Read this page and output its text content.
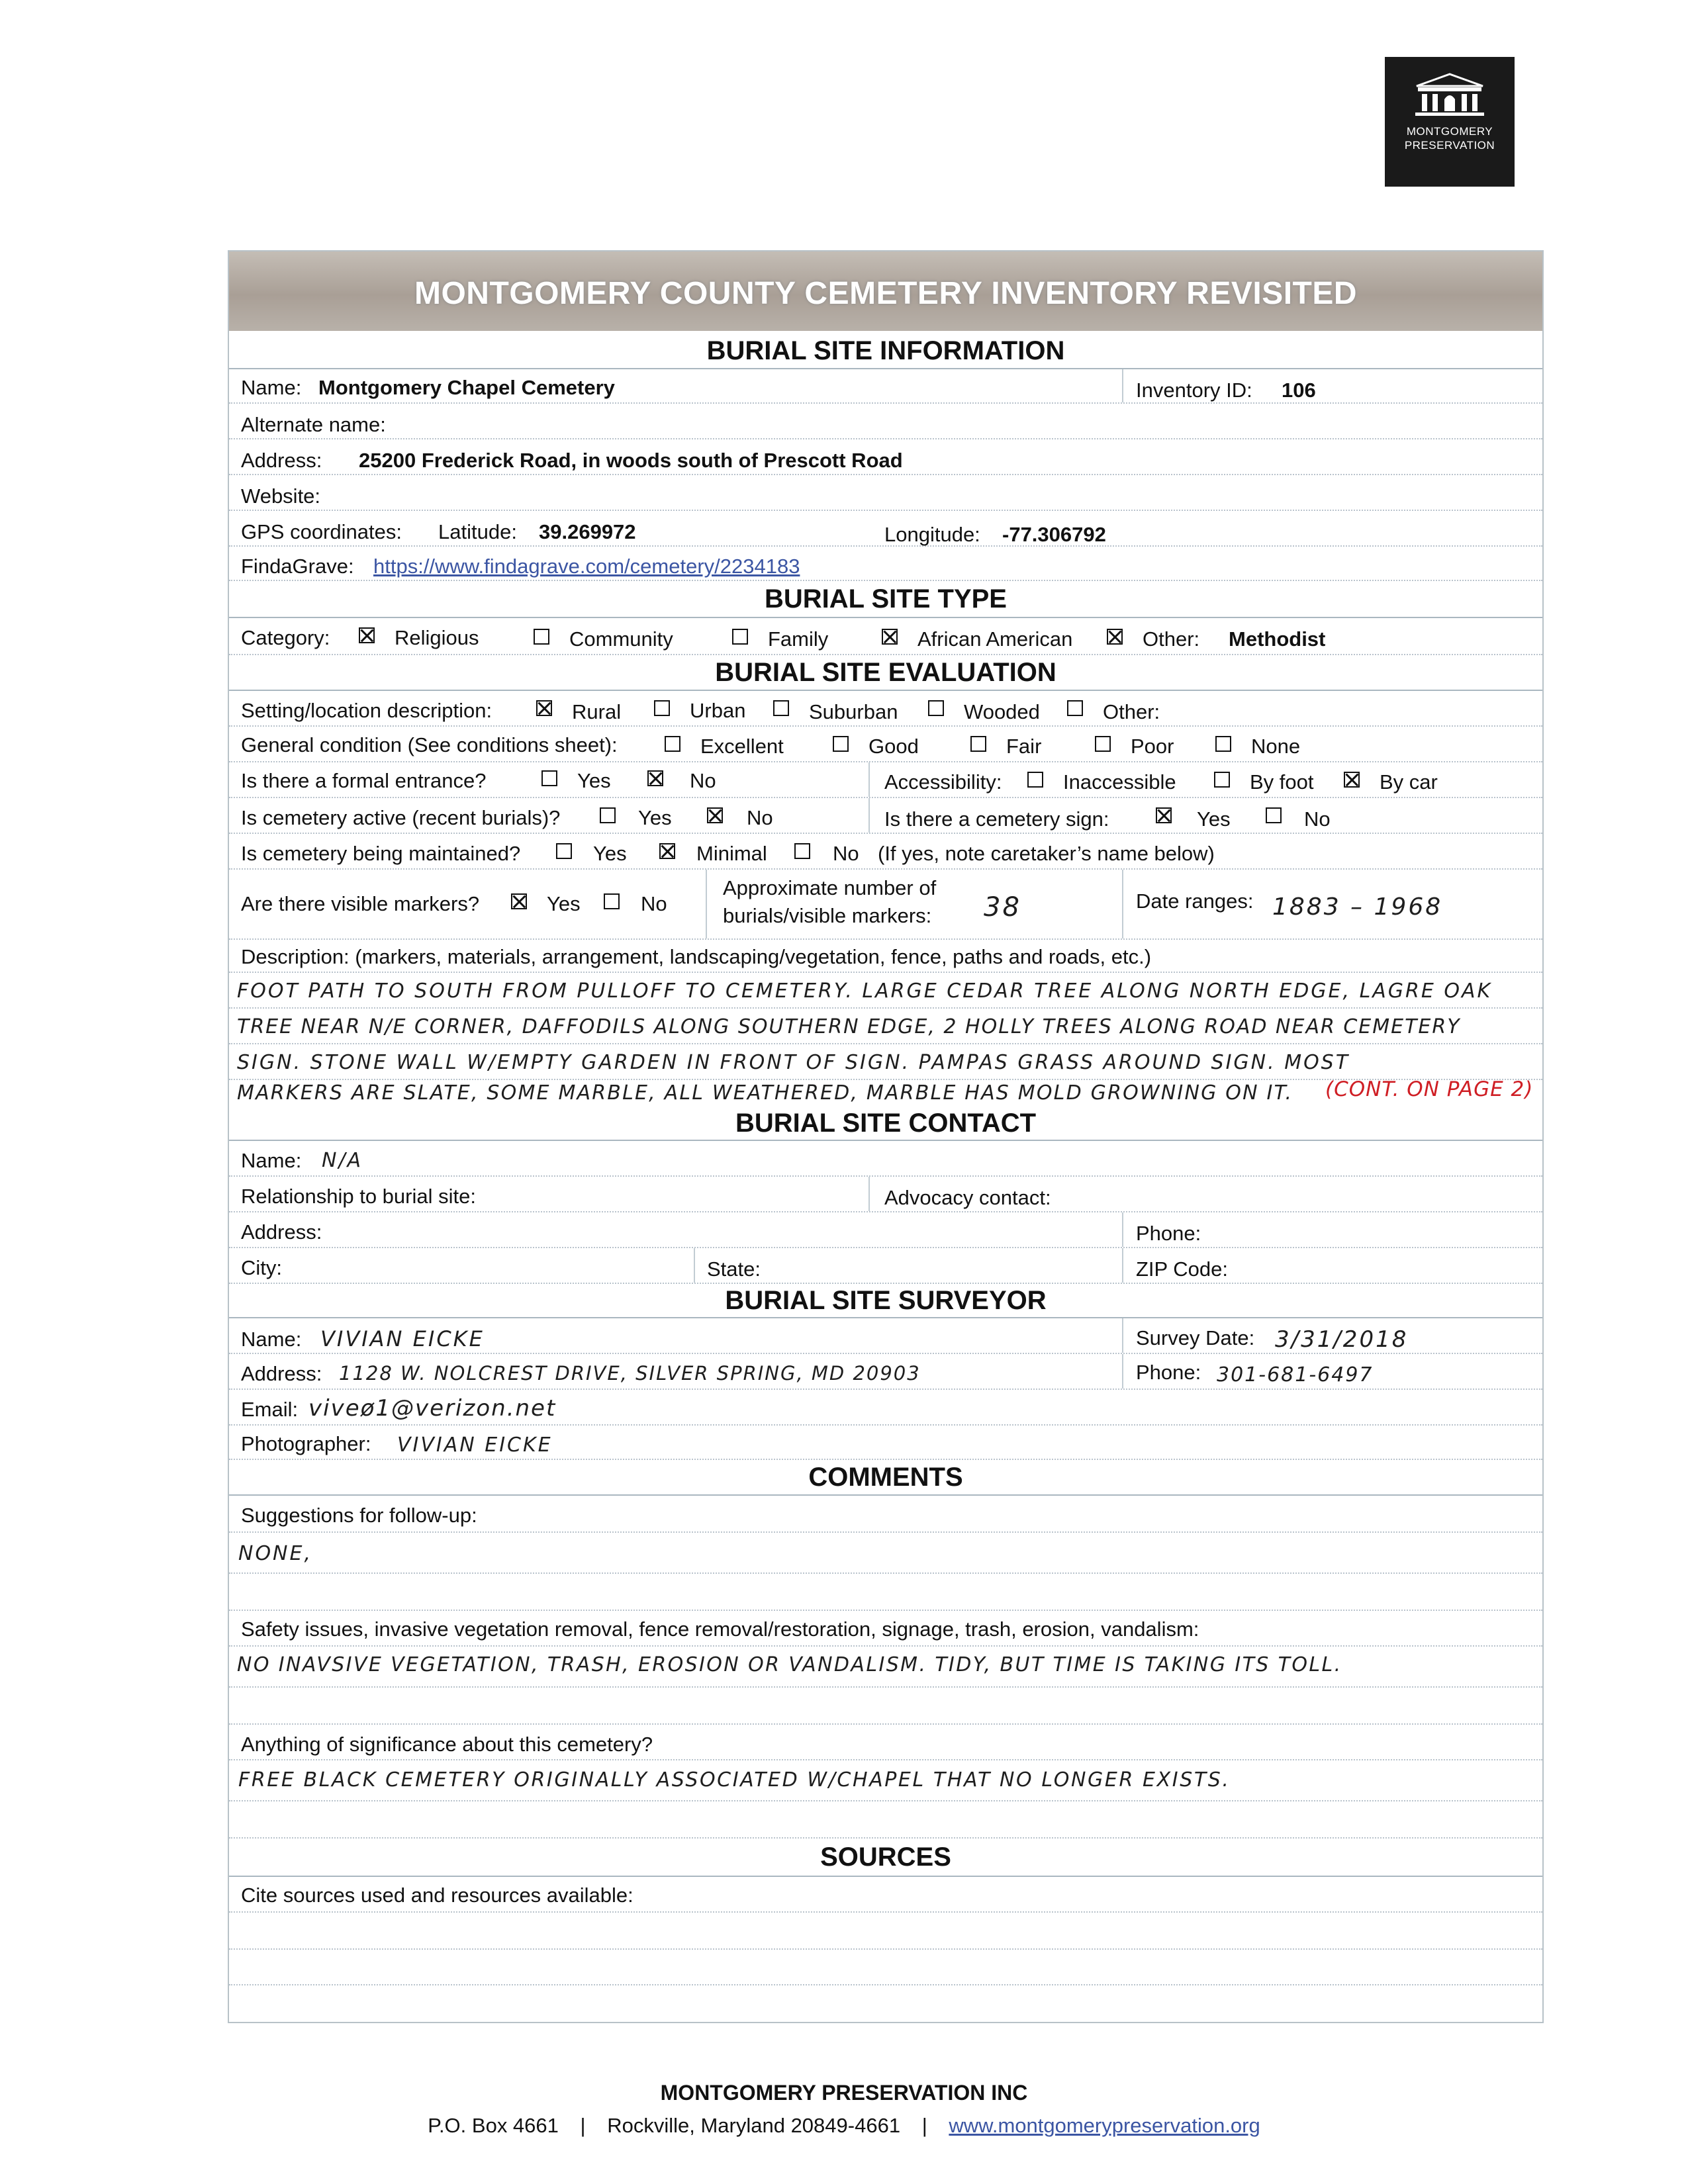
MONTGOMERY
PRESERVATION
MONTGOMERY COUNTY CEMETERY INVENTORY REVISITED
BURIAL SITE INFORMATION
Name: Montgomery Chapel Cemetery	Inventory ID: 106
Alternate name:
Address: 25200 Frederick Road, in woods south of Prescott Road
Website:
GPS coordinates: Latitude: 39.269972	Longitude: -77.306792
FindaGrave: https://www.findagrave.com/cemetery/2234183
BURIAL SITE TYPE
Category:	Religious	Community	Family	African American	Other: Methodist
BURIAL SITE EVALUATION
Setting/location description:	Rural	Urban	Suburban	Wooded	Other:
General condition (See conditions sheet):	Excellent	Good	Fair	Poor	None
Is there a formal entrance?	Yes	No	Accessibility:	Inaccessible	By foot	By car
Is cemetery active (recent burials)?	Yes	No	Is there a cemetery sign:	Yes	No
Is cemetery being maintained?	Yes	Minimal	No (If yes, note caretaker’s name below)
Are there visible markers?	Yes	No
Approximate number of
burials/visible markers: 38	Date ranges: 1883 – 1968
Description: (markers, materials, arrangement, landscaping/vegetation, fence, paths and roads, etc.)
FOOT PATH TO SOUTH FROM PULLOFF TO CEMETERY. LARGE CEDAR TREE ALONG NORTH EDGE, LAGRE OAK
TREE NEAR N/E CORNER, DAFFODILS ALONG SOUTHERN EDGE, 2 HOLLY TREES ALONG ROAD NEAR CEMETERY
SIGN. STONE WALL W/EMPTY GARDEN IN FRONT OF SIGN. PAMPAS GRASS AROUND SIGN. MOST
MARKERS ARE SLATE, SOME MARBLE, ALL WEATHERED, MARBLE HAS MOLD GROWNING ON IT. (CONT. ON PAGE 2)
BURIAL SITE CONTACT
Name: N/A
Relationship to burial site:	Advocacy contact:
Address:	Phone:
City:	State:	ZIP Code:
BURIAL SITE SURVEYOR
Name: VIVIAN EICKE	Survey Date: 3/31/2018
Address: 1128 W. NOLCREST DRIVE, SILVER SPRING, MD 20903	Phone: 301-681-6497
Email: viveø1@verizon.net
Photographer: VIVIAN EICKE
COMMENTS
Suggestions for follow-up:
NONE,
Safety issues, invasive vegetation removal, fence removal/restoration, signage, trash, erosion, vandalism:
NO INAVSIVE VEGETATION, TRASH, EROSION OR VANDALISM. TIDY, BUT TIME IS TAKING ITS TOLL.
Anything of significance about this cemetery?
FREE BLACK CEMETERY ORIGINALLY ASSOCIATED W/CHAPEL THAT NO LONGER EXISTS.
SOURCES
Cite sources used and resources available:
MONTGOMERY PRESERVATION INC
P.O. Box 4661 | Rockville, Maryland 20849-4661 | www.montgomerypreservation.org
